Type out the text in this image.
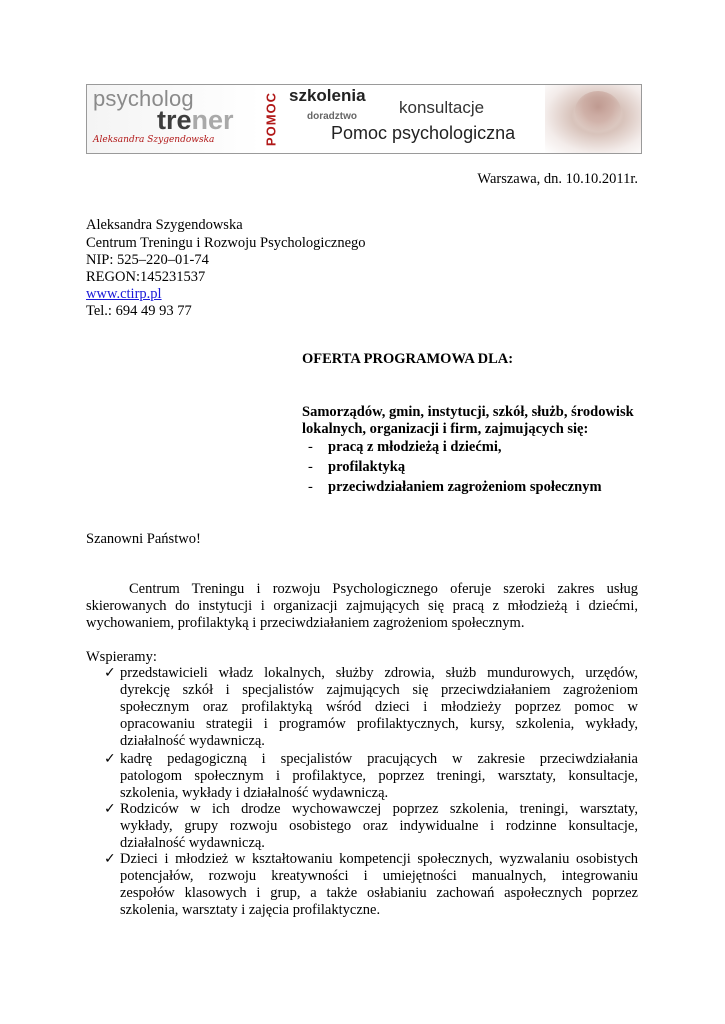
psycholog
trener
Aleksandra Szygendowska	POMOC szkolenia
konsultacje
doradztwo
Pomoc psychologiczna
Warszawa, dn. 10.10.2011r.
Aleksandra Szygendowska
Centrum Treningu i Rozwoju Psychologicznego
NIP: 525–220–01-74
REGON:145231537
www.ctirp.pl
Tel.: 694 49 93 77
OFERTA PROGRAMOWA DLA:
Samorządów, gmin, instytucji, szkół, służb, środowisk
lokalnych, organizacji i firm, zajmujących się:
- pracą z młodzieżą i dziećmi,
- profilaktyką
- przeciwdziałaniem zagrożeniom społecznym
Szanowni Państwo!
Centrum Treningu i rozwoju Psychologicznego oferuje szeroki zakres usług
skierowanych do instytucji i organizacji zajmujących się pracą z młodzieżą i dziećmi,
wychowaniem, profilaktyką i przeciwdziałaniem zagrożeniom społecznym.
Wspieramy:
✓ przedstawicieli władz lokalnych, służby zdrowia, służb mundurowych, urzędów,
dyrekcję szkół i specjalistów zajmujących się przeciwdziałaniem zagrożeniom
społecznym oraz profilaktyką wśród dzieci i młodzieży poprzez pomoc w
opracowaniu strategii i programów profilaktycznych, kursy, szkolenia, wykłady,
działalność wydawniczą.
✓ kadrę pedagogiczną i specjalistów pracujących w zakresie przeciwdziałania
patologom społecznym i profilaktyce, poprzez treningi, warsztaty, konsultacje,
szkolenia, wykłady i działalność wydawniczą.
✓ Rodziców w ich drodze wychowawczej poprzez szkolenia, treningi, warsztaty,
wykłady, grupy rozwoju osobistego oraz indywidualne i rodzinne konsultacje,
działalność wydawniczą.
✓ Dzieci i młodzież w kształtowaniu kompetencji społecznych, wyzwalaniu osobistych
potencjałów, rozwoju kreatywności i umiejętności manualnych, integrowaniu
zespołów klasowych i grup, a także osłabianiu zachowań aspołecznych poprzez
szkolenia, warsztaty i zajęcia profilaktyczne.
